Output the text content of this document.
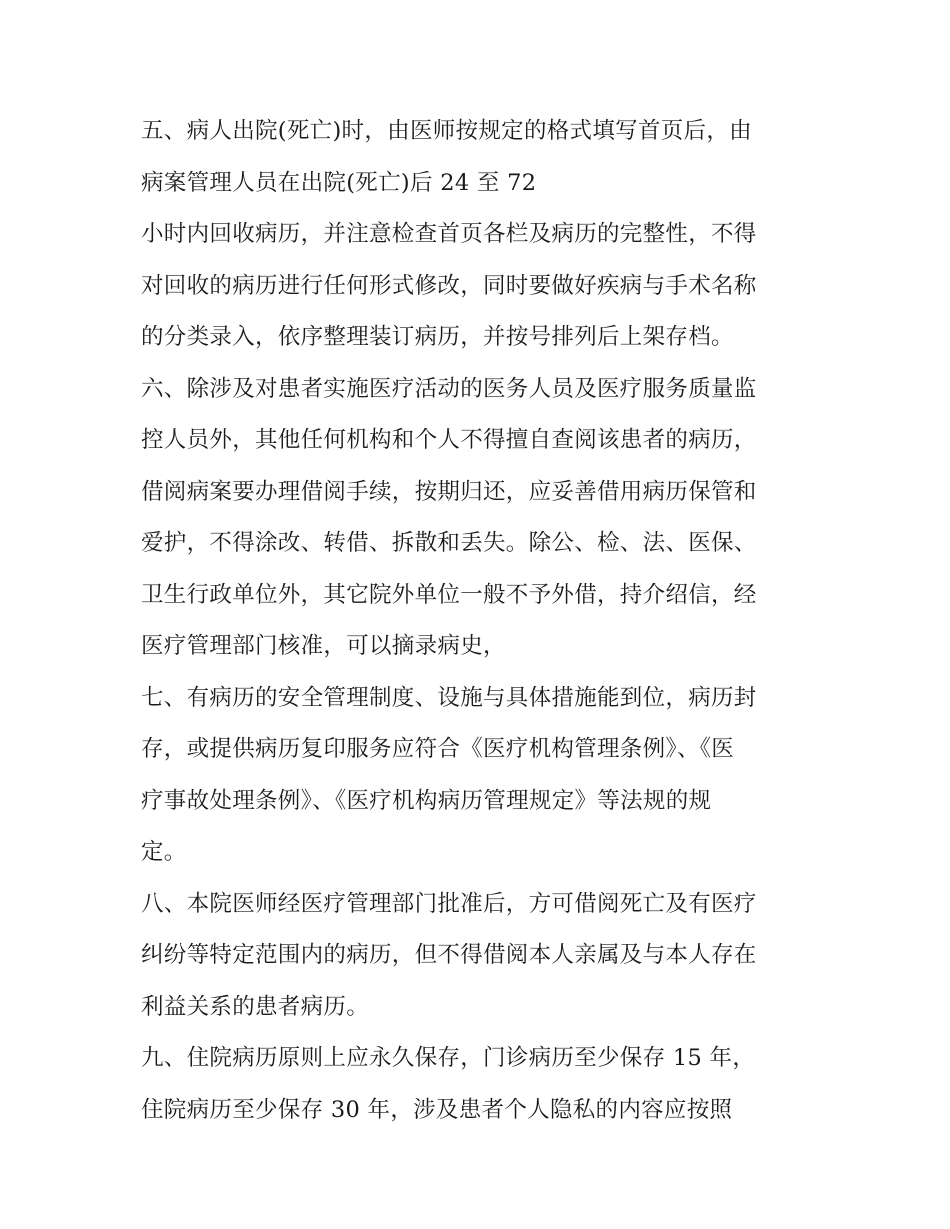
五、病人出院(死亡)时，由医师按规定的格式填写首页后，由
病案管理人员在出院(死亡)后 24 至 72
小时内回收病历，并注意检查首页各栏及病历的完整性，不得
对回收的病历进行任何形式修改，同时要做好疾病与手术名称
的分类录入，依序整理装订病历，并按号排列后上架存档。
六、除涉及对患者实施医疗活动的医务人员及医疗服务质量监
控人员外，其他任何机构和个人不得擅自查阅该患者的病历，
借阅病案要办理借阅手续，按期归还，应妥善借用病历保管和
爱护，不得涂改、转借、拆散和丢失。除公、检、法、医保、
卫生行政单位外，其它院外单位一般不予外借，持介绍信，经
医疗管理部门核准，可以摘录病史，
七、有病历的安全管理制度、设施与具体措施能到位，病历封
存，或提供病历复印服务应符合《医疗机构管理条例》、《医
疗事故处理条例》、《医疗机构病历管理规定》等法规的规
定。
八、本院医师经医疗管理部门批准后，方可借阅死亡及有医疗
纠纷等特定范围内的病历，但不得借阅本人亲属及与本人存在
利益关系的患者病历。
九、住院病历原则上应永久保存，门诊病历至少保存 15 年，
住院病历至少保存 30 年，涉及患者个人隐私的内容应按照
